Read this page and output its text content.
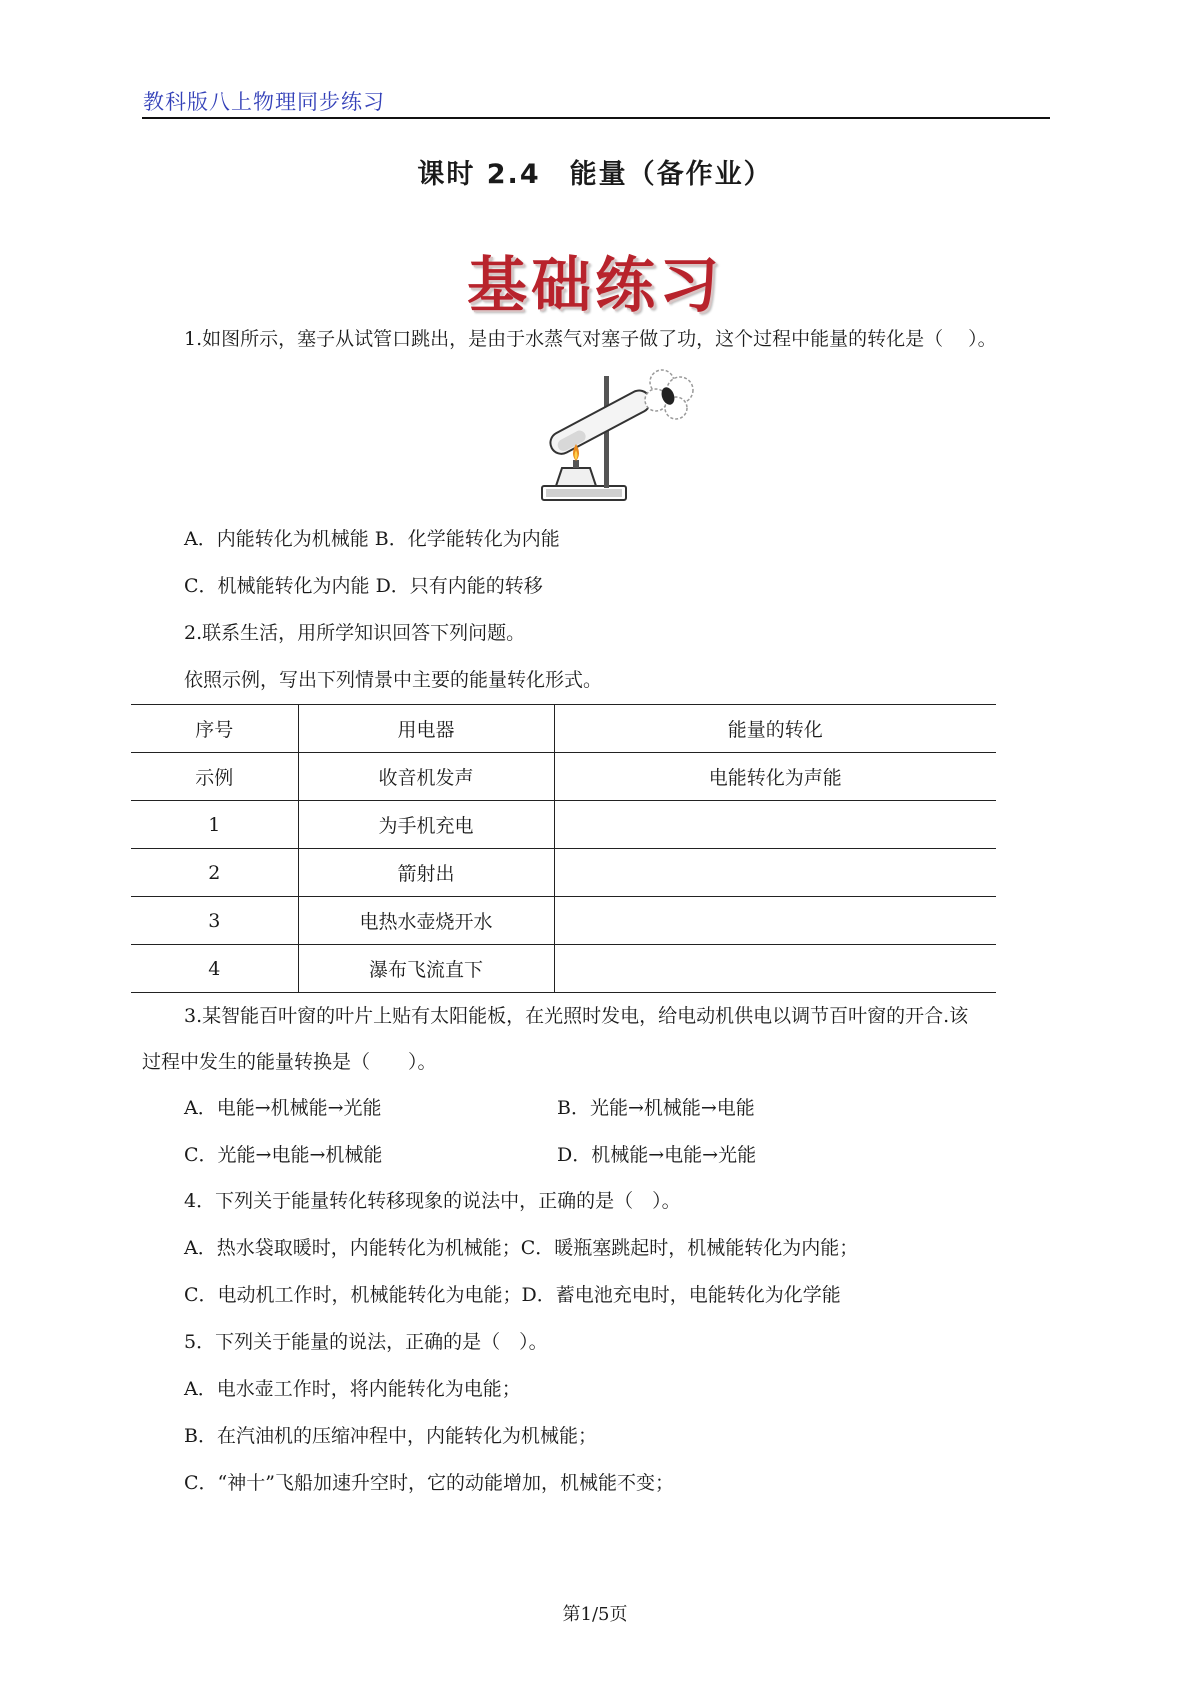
教科版八上物理同步练习
课时 2.4　能量（备作业）
基础练习
1.如图所示，塞子从试管口跳出，是由于水蒸气对塞子做了功，这个过程中能量的转化是（　 ）。
A．内能转化为机械能 B．化学能转化为内能
C．机械能转化为内能 D．只有内能的转移
2.联系生活，用所学知识回答下列问题。
依照示例，写出下列情景中主要的能量转化形式。
序号	用电器	能量的转化
示例	收音机发声	电能转化为声能
1	为手机充电	
2	箭射出	
3	电热水壶烧开水	
4	瀑布飞流直下	
3.某智能百叶窗的叶片上贴有太阳能板，在光照时发电，给电动机供电以调节百叶窗的开合.该
过程中发生的能量转换是（　　）。
A．电能→机械能→光能	B．光能→机械能→电能
C．光能→电能→机械能	D．机械能→电能→光能
4．下列关于能量转化转移现象的说法中，正确的是（　）。
A．热水袋取暖时，内能转化为机械能；C．暖瓶塞跳起时，机械能转化为内能；
C．电动机工作时，机械能转化为电能；D．蓄电池充电时，电能转化为化学能
5．下列关于能量的说法，正确的是（　）。
A．电水壶工作时，将内能转化为电能；
B．在汽油机的压缩冲程中，内能转化为机械能；
C．“神十”飞船加速升空时，它的动能增加，机械能不变；
第1/5页
